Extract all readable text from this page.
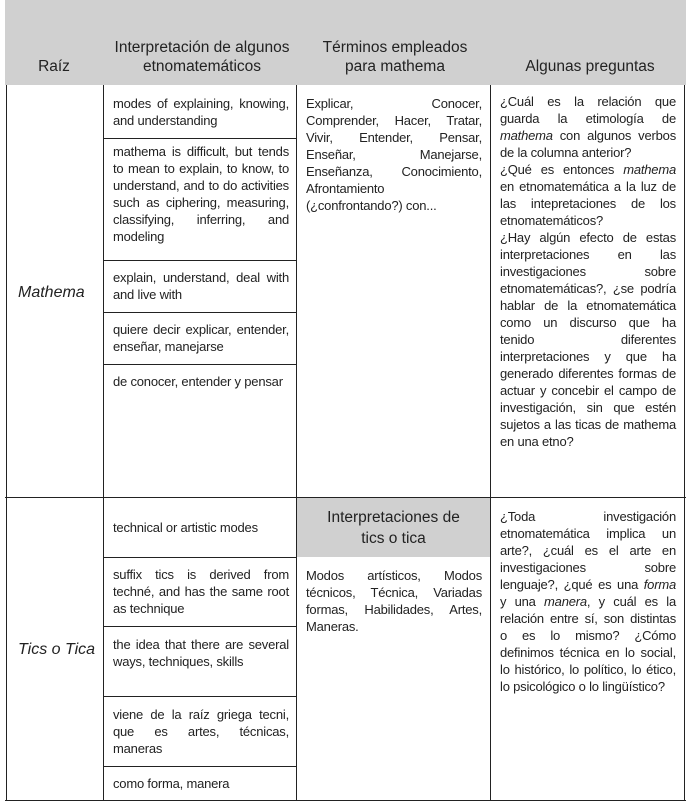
Raíz
Interpretación de algunos etnomatemáticos
Términos empleados para mathema	Algunas preguntas
Mathema
modes of explaining, knowing, and understanding
mathema is difficult, but tends to mean to explain, to know, to understand, and to do activities such as ciphering, measuring, classifying, inferring, and modeling
explain, understand, deal with and live with
quiere decir explicar, entender, enseñar, manejarse
de conocer, entender y pensar
Explicar, Conocer, Comprender, Hacer, Tratar, Vivir, Entender, Pensar, Enseñar, Manejarse, Enseñanza, Conocimiento, Afrontamiento (¿confrontando?) con...
¿Cuál es la relación que guarda la etimología de mathema con algunos verbos de la columna anterior?
¿Qué es entonces mathema en etnomatemática a la luz de las intepretaciones de los etnomatemáticos?
¿Hay algún efecto de estas interpretaciones en las investigaciones sobre etnomatemáticas?, ¿se podría hablar de la etnomatemática como un discurso que ha tenido diferentes interpretaciones y que ha generado diferentes formas de actuar y concebir el campo de investigación, sin que estén sujetos a las ticas de mathema en una etno?
Tics o Tica
technical or artistic modes
suffix tics is derived from techné, and has the same root as technique
the idea that there are several ways, techniques, skills
viene de la raíz griega tecni, que es artes, técnicas, maneras
como forma, manera
Interpretaciones de tics o tica
Modos artísticos, Modos técnicos, Técnica, Variadas formas, Habilidades, Artes, Maneras.
¿Toda investigación etnomatemática implica un arte?, ¿cuál es el arte en investigaciones sobre lenguaje?, ¿qué es una forma y una manera, y cuál es la relación entre sí, son distintas o es lo mismo? ¿Cómo definimos técnica en lo social, lo histórico, lo político, lo ético, lo psicológico o lo lingüístico?
